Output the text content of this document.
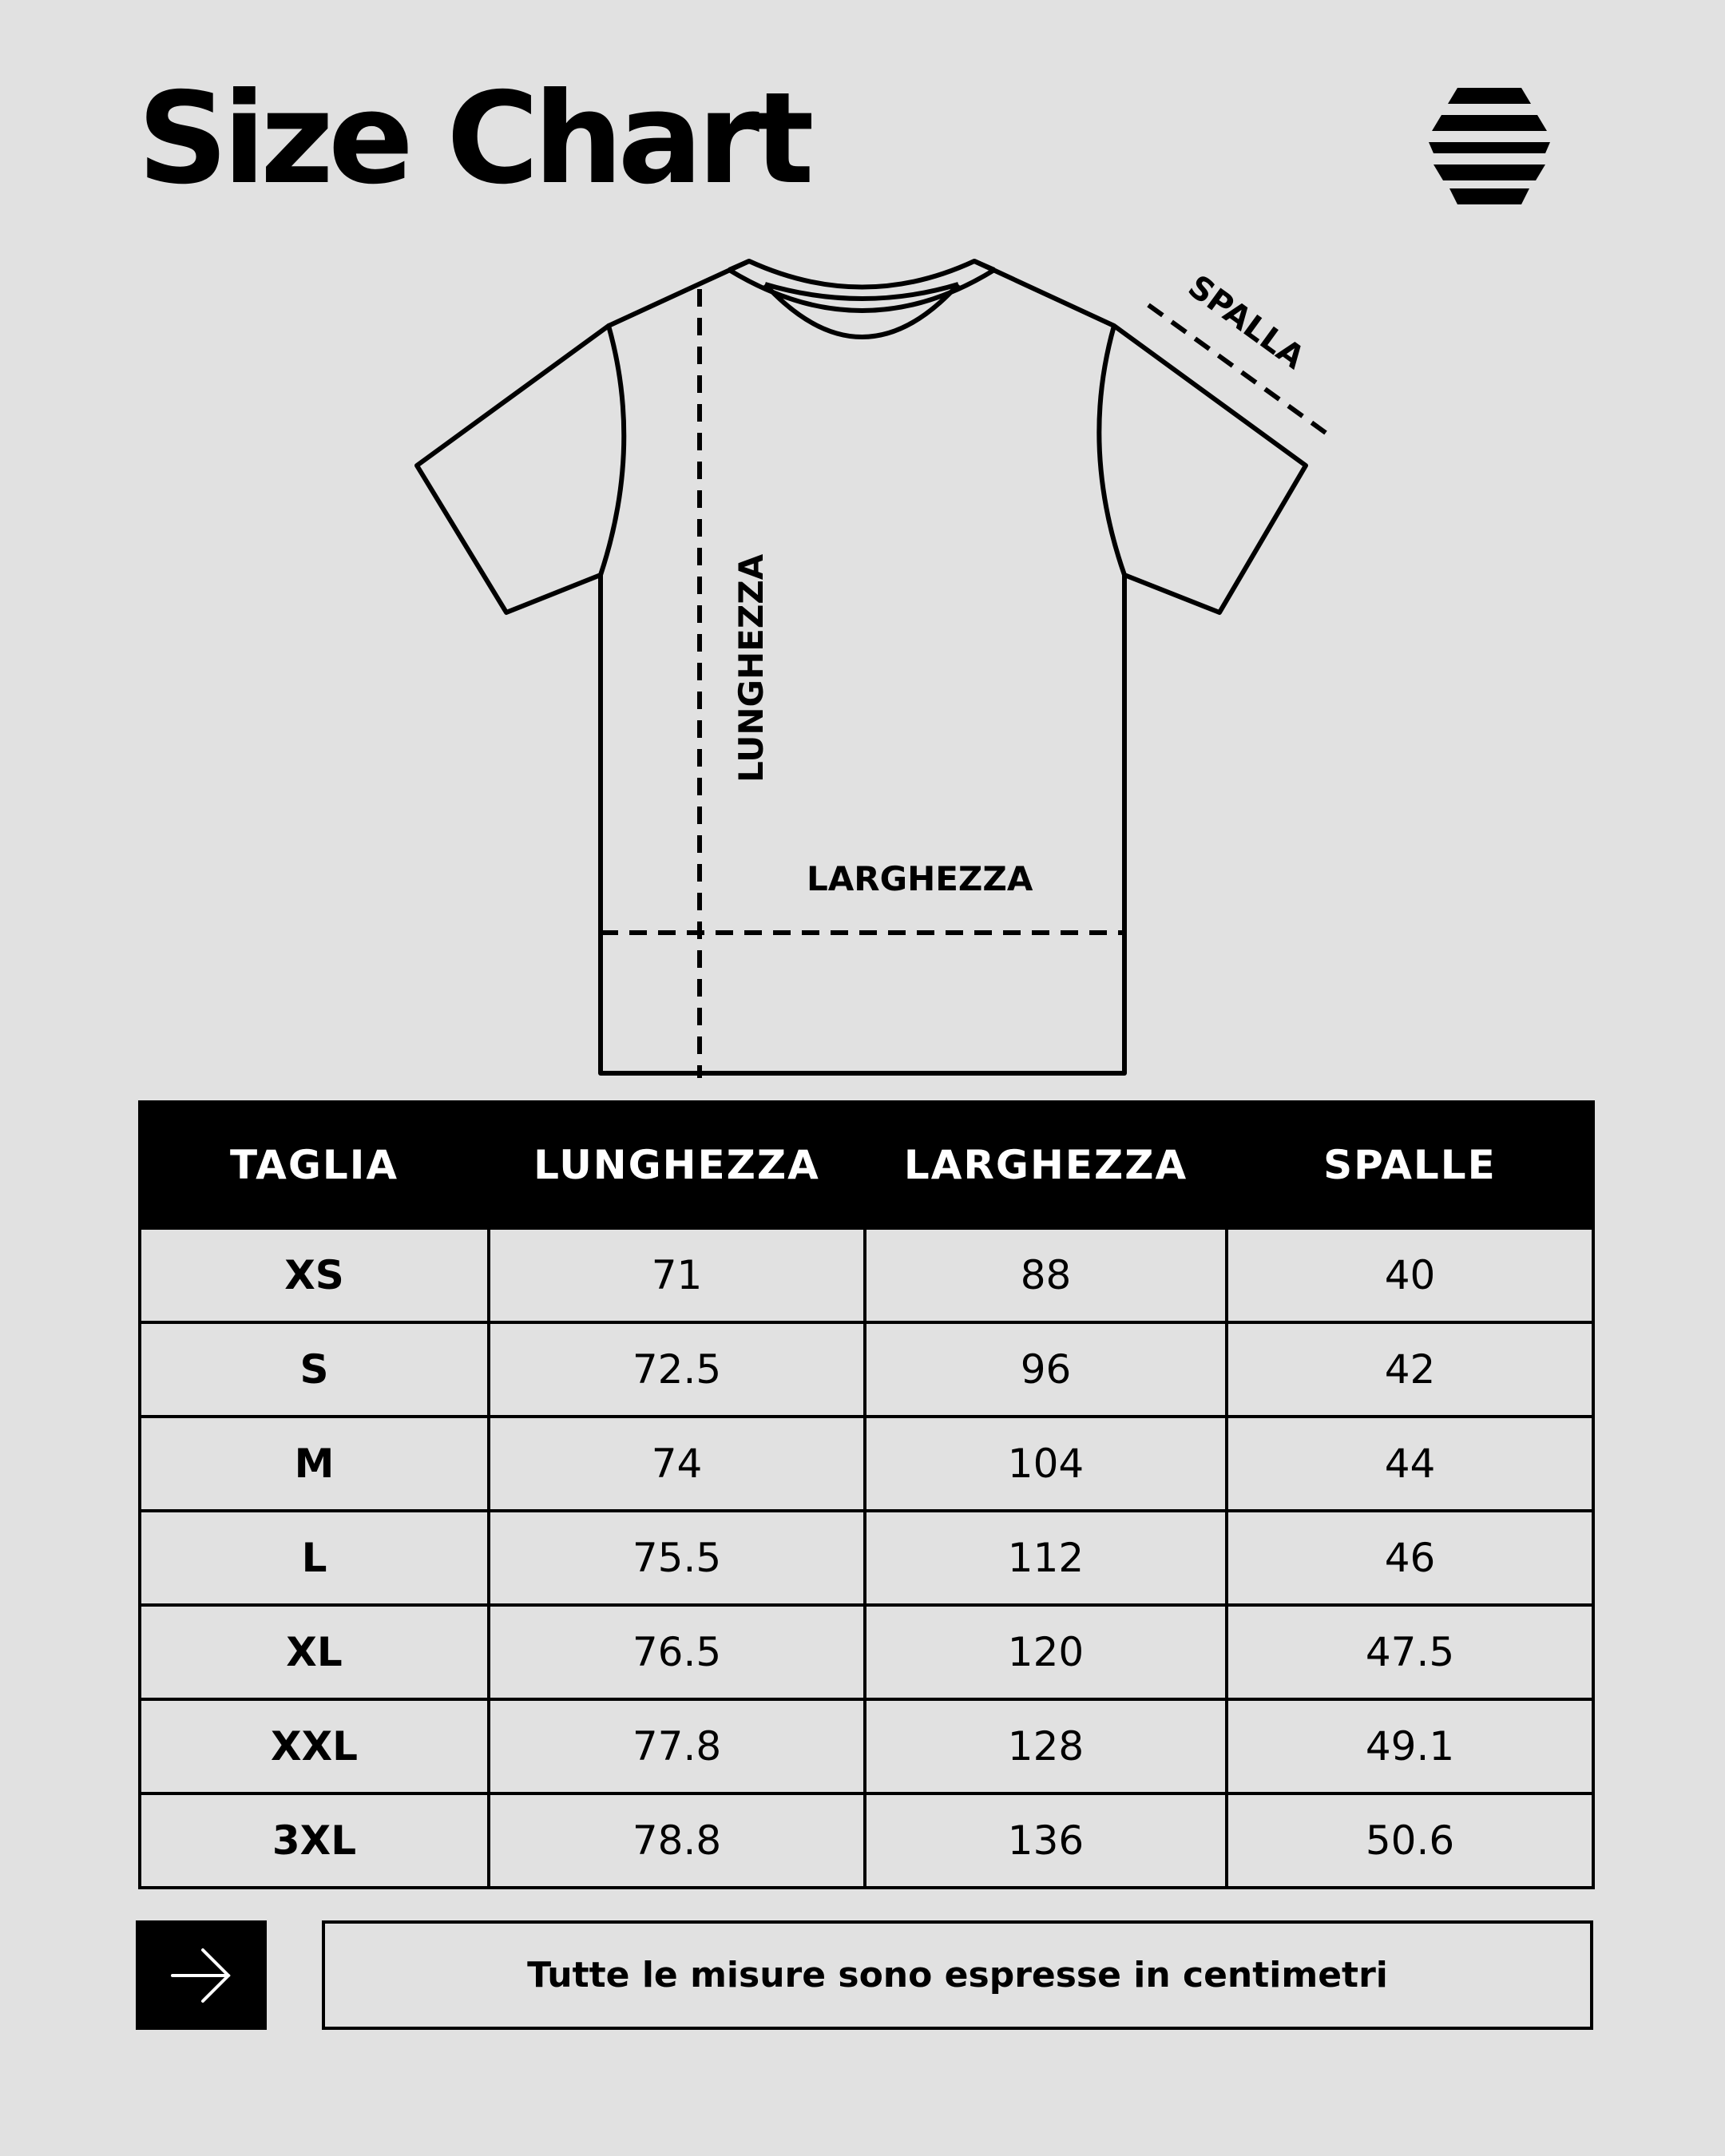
Size Chart
LUNGHEZZA
LARGHEZZA
SPALLA
TAGLIA	LUNGHEZZA	LARGHEZZA	SPALLE
XS	71	88	40
S	72.5	96	42
M	74	104	44
L	75.5	112	46
XL	76.5	120	47.5
XXL	77.8	128	49.1
3XL	78.8	136	50.6
Tutte le misure sono espresse in centimetri
